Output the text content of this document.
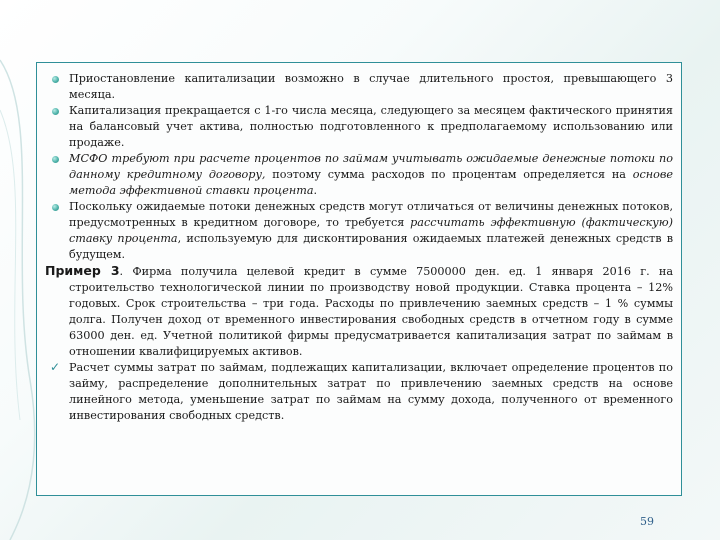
Приостановление капитализации возможно в случае длительного простоя, превышающего 3 месяца.
Капитализация прекращается с 1-го числа месяца, следующего за месяцем фактического принятия на балансовый учет актива, полностью подготовленного к предполагаемому использованию или продаже.
МСФО требуют при расчете процентов по займам учитывать ожидаемые денежные потоки по данному кредитному договору, поэтому сумма расходов по процентам определяется на основе метода эффективной ставки процента.
Поскольку ожидаемые потоки денежных средств могут отличаться от величины денежных потоков, предусмотренных в кредитном договоре, то требуется рассчитать эффективную (фактическую) ставку процента, используемую для дисконтирования ожидаемых платежей денежных средств в будущем.
Пример 3. Фирма получила целевой кредит в сумме 7500000 ден. ед. 1 января 2016 г. на строительство технологической линии по производству новой продукции. Ставка процента – 12% годовых. Срок строительства – три года. Расходы по привлечению заемных средств – 1 % суммы долга. Получен доход от временного инвестирования свободных средств в отчетном году в сумме 63000 ден. ед. Учетной политикой фирмы предусматривается капитализация затрат по займам в отношении квалифицируемых активов.
✓ Расчет суммы затрат по займам, подлежащих капитализации, включает определение процентов по займу, распределение дополнительных затрат по привлечению заемных средств на основе линейного метода, уменьшение затрат по займам на сумму дохода, полученного от временного инвестирования свободных средств.
59
